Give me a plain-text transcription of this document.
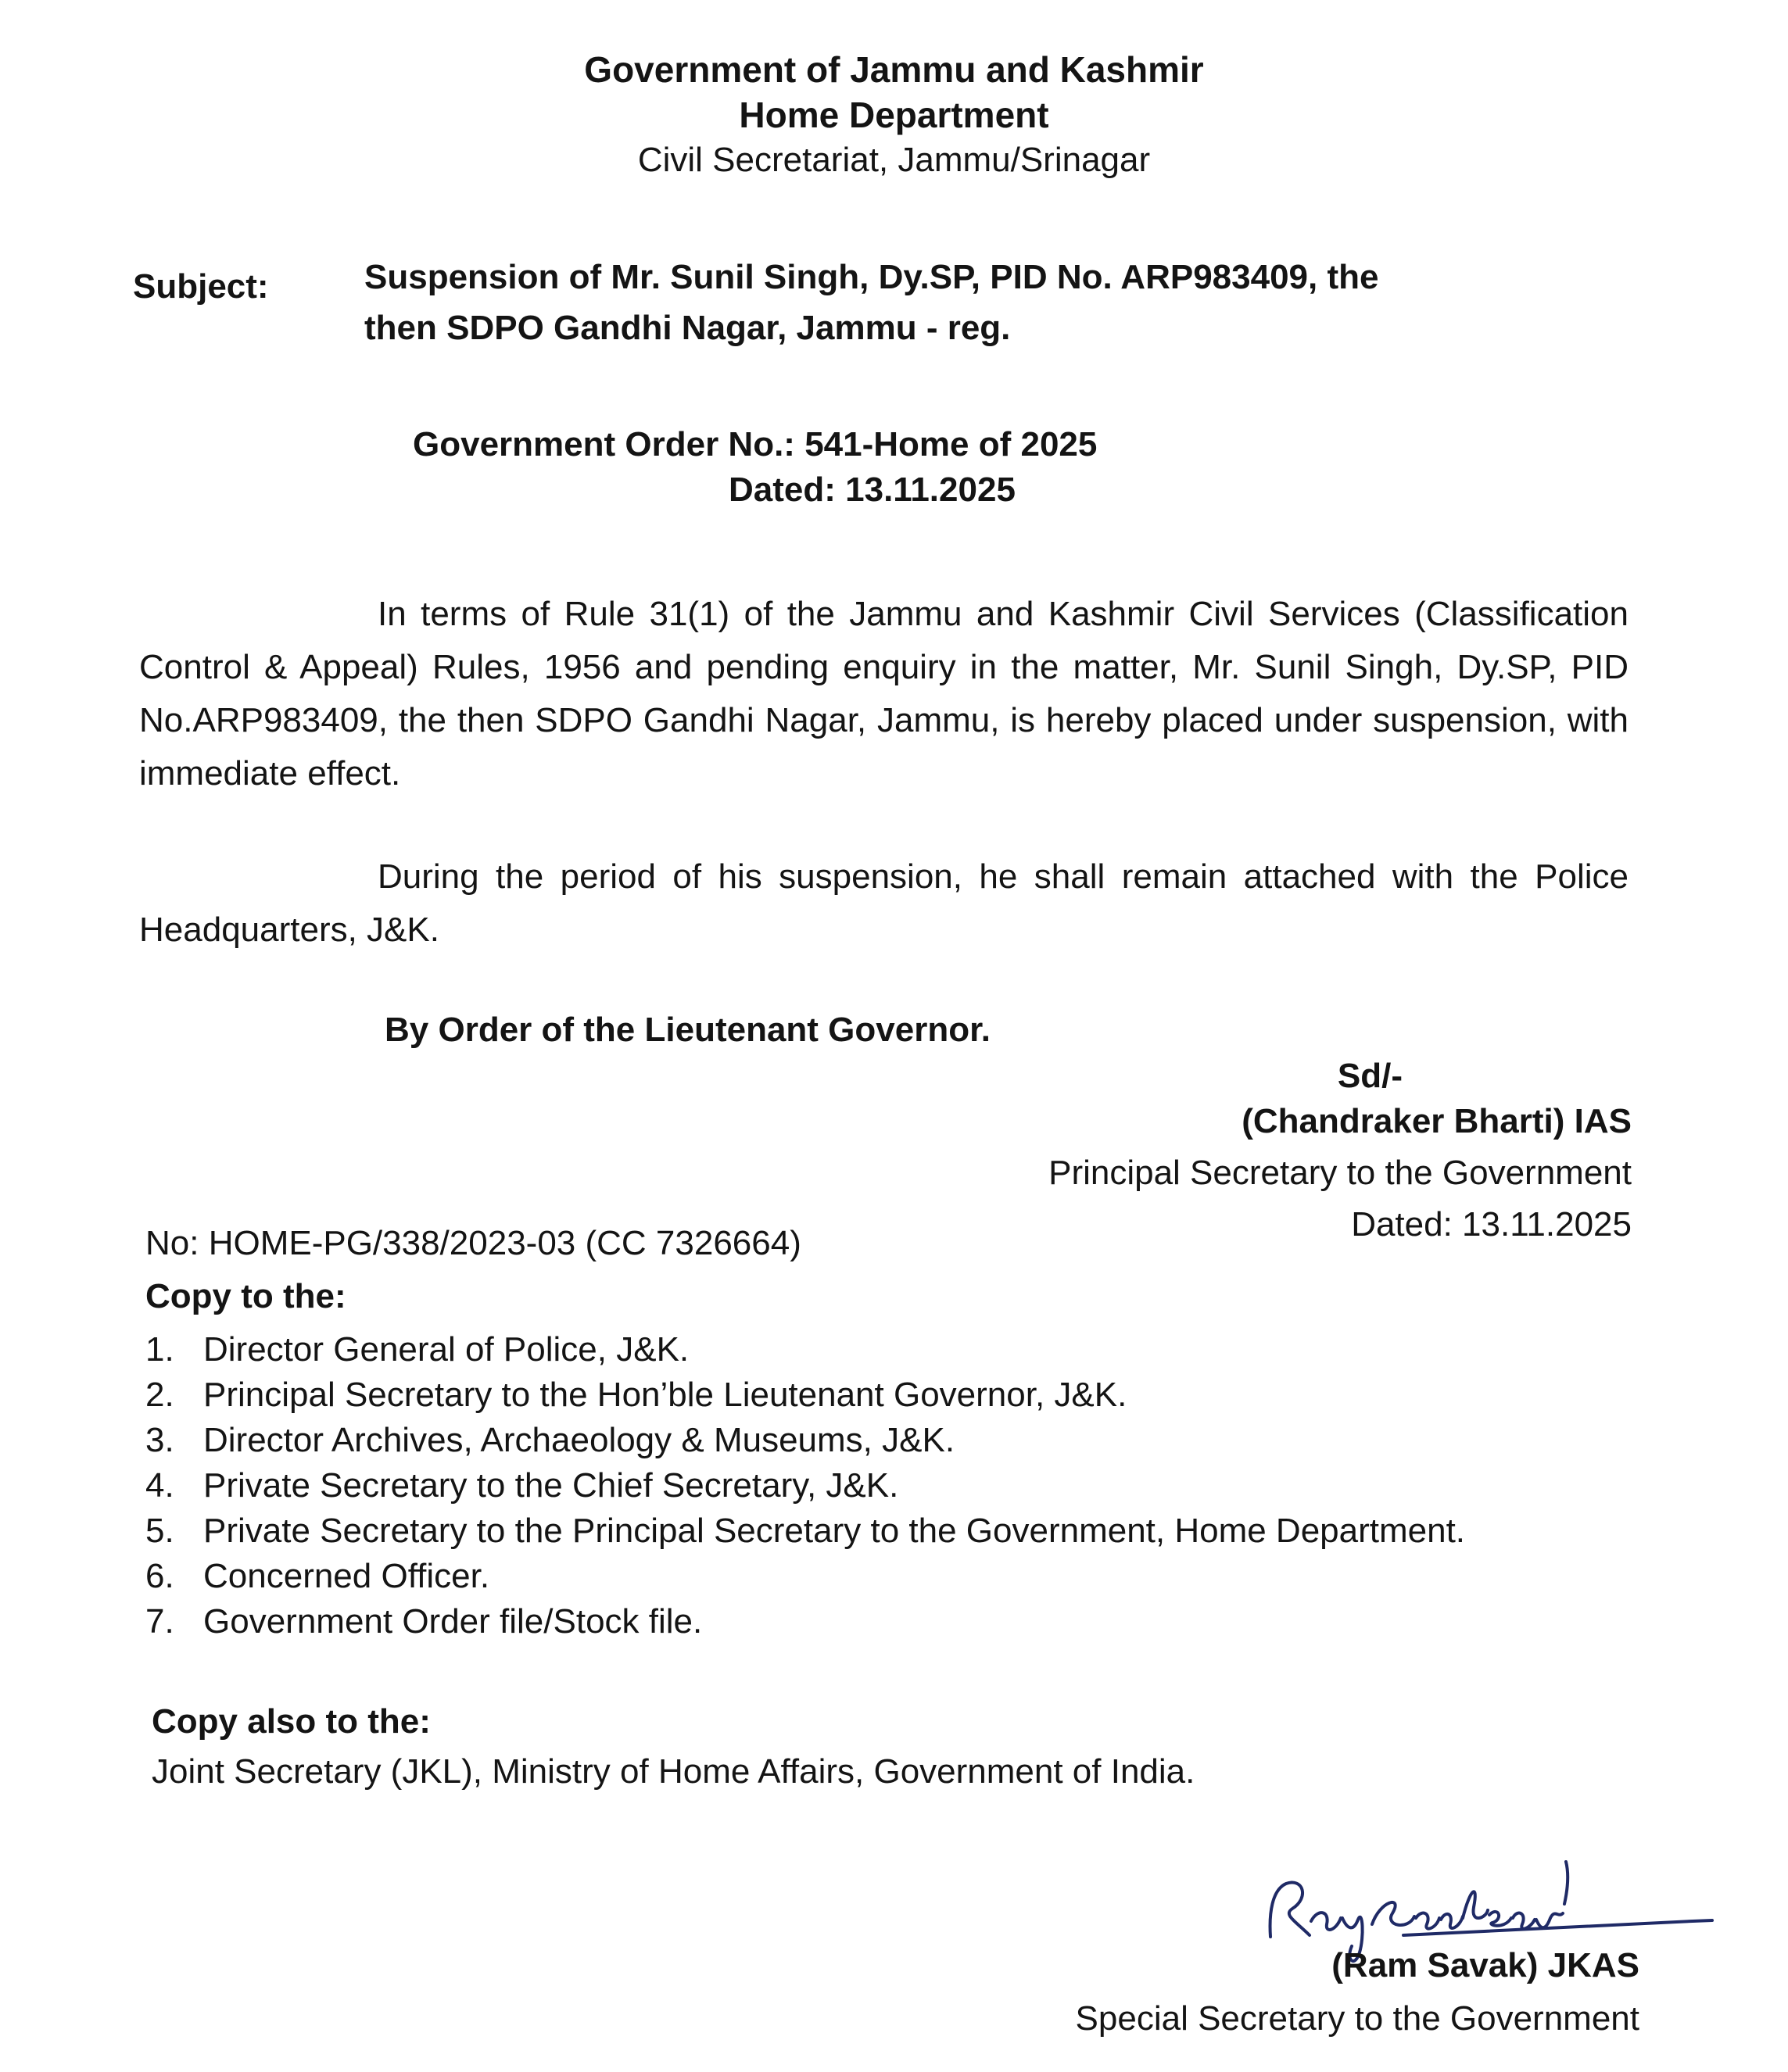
Government of Jammu and Kashmir
Home Department
Civil Secretariat, Jammu/Srinagar
Subject:	Suspension of Mr. Sunil Singh, Dy.SP, PID No. ARP983409, the
then SDPO Gandhi Nagar, Jammu - reg.
Government Order No.: 541-Home of 2025
Dated: 13.11.2025
In terms of Rule 31(1) of the Jammu and Kashmir Civil Services (Classification Control & Appeal) Rules, 1956 and pending enquiry in the matter, Mr. Sunil Singh, Dy.SP, PID No.ARP983409, the then SDPO Gandhi Nagar, Jammu, is hereby placed under suspension, with immediate effect.
During the period of his suspension, he shall remain attached with the Police Headquarters, J&K.
By Order of the Lieutenant Governor.
Sd/-
(Chandraker Bharti) IAS
Principal Secretary to the Government
Dated: 13.11.2025
No: HOME-PG/338/2023-03 (CC 7326664)
Copy to the:
1. Director General of Police, J&K.
2. Principal Secretary to the Hon’ble Lieutenant Governor, J&K.
3. Director Archives, Archaeology & Museums, J&K.
4. Private Secretary to the Chief Secretary, J&K.
5. Private Secretary to the Principal Secretary to the Government, Home Department.
6. Concerned Officer.
7. Government Order file/Stock file.
Copy also to the:
Joint Secretary (JKL), Ministry of Home Affairs, Government of India.
(Ram Savak) JKAS
Special Secretary to the Government
